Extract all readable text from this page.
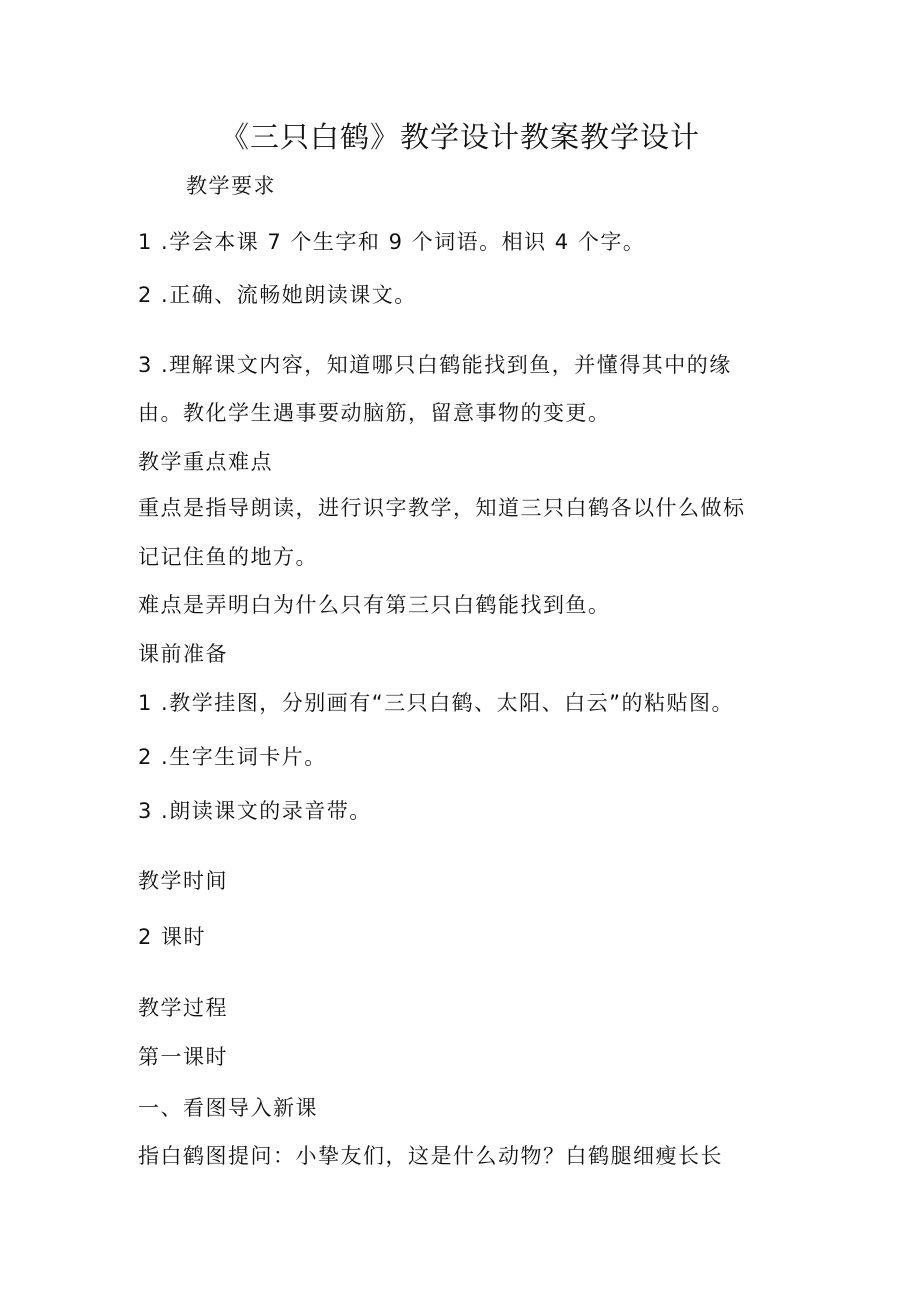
《三只白鹤》教学设计教案教学设计
教学要求
1 .学会本课 7 个生字和 9 个词语。相识 4 个字。
2 .正确、流畅她朗读课文。
3 .理解课文内容，知道哪只白鹤能找到鱼，并懂得其中的缘
由。教化学生遇事要动脑筋，留意事物的变更。
教学重点难点
重点是指导朗读，进行识字教学，知道三只白鹤各以什么做标
记记住鱼的地方。
难点是弄明白为什么只有第三只白鹤能找到鱼。
课前准备
1 .教学挂图，分别画有“三只白鹤、太阳、白云”的粘贴图。
2 .生字生词卡片。
3 .朗读课文的录音带。
教学时间
2 课时
教学过程
第一课时
一、看图导入新课
指白鹤图提问：小挚友们，这是什么动物？白鹤腿细瘦长长
